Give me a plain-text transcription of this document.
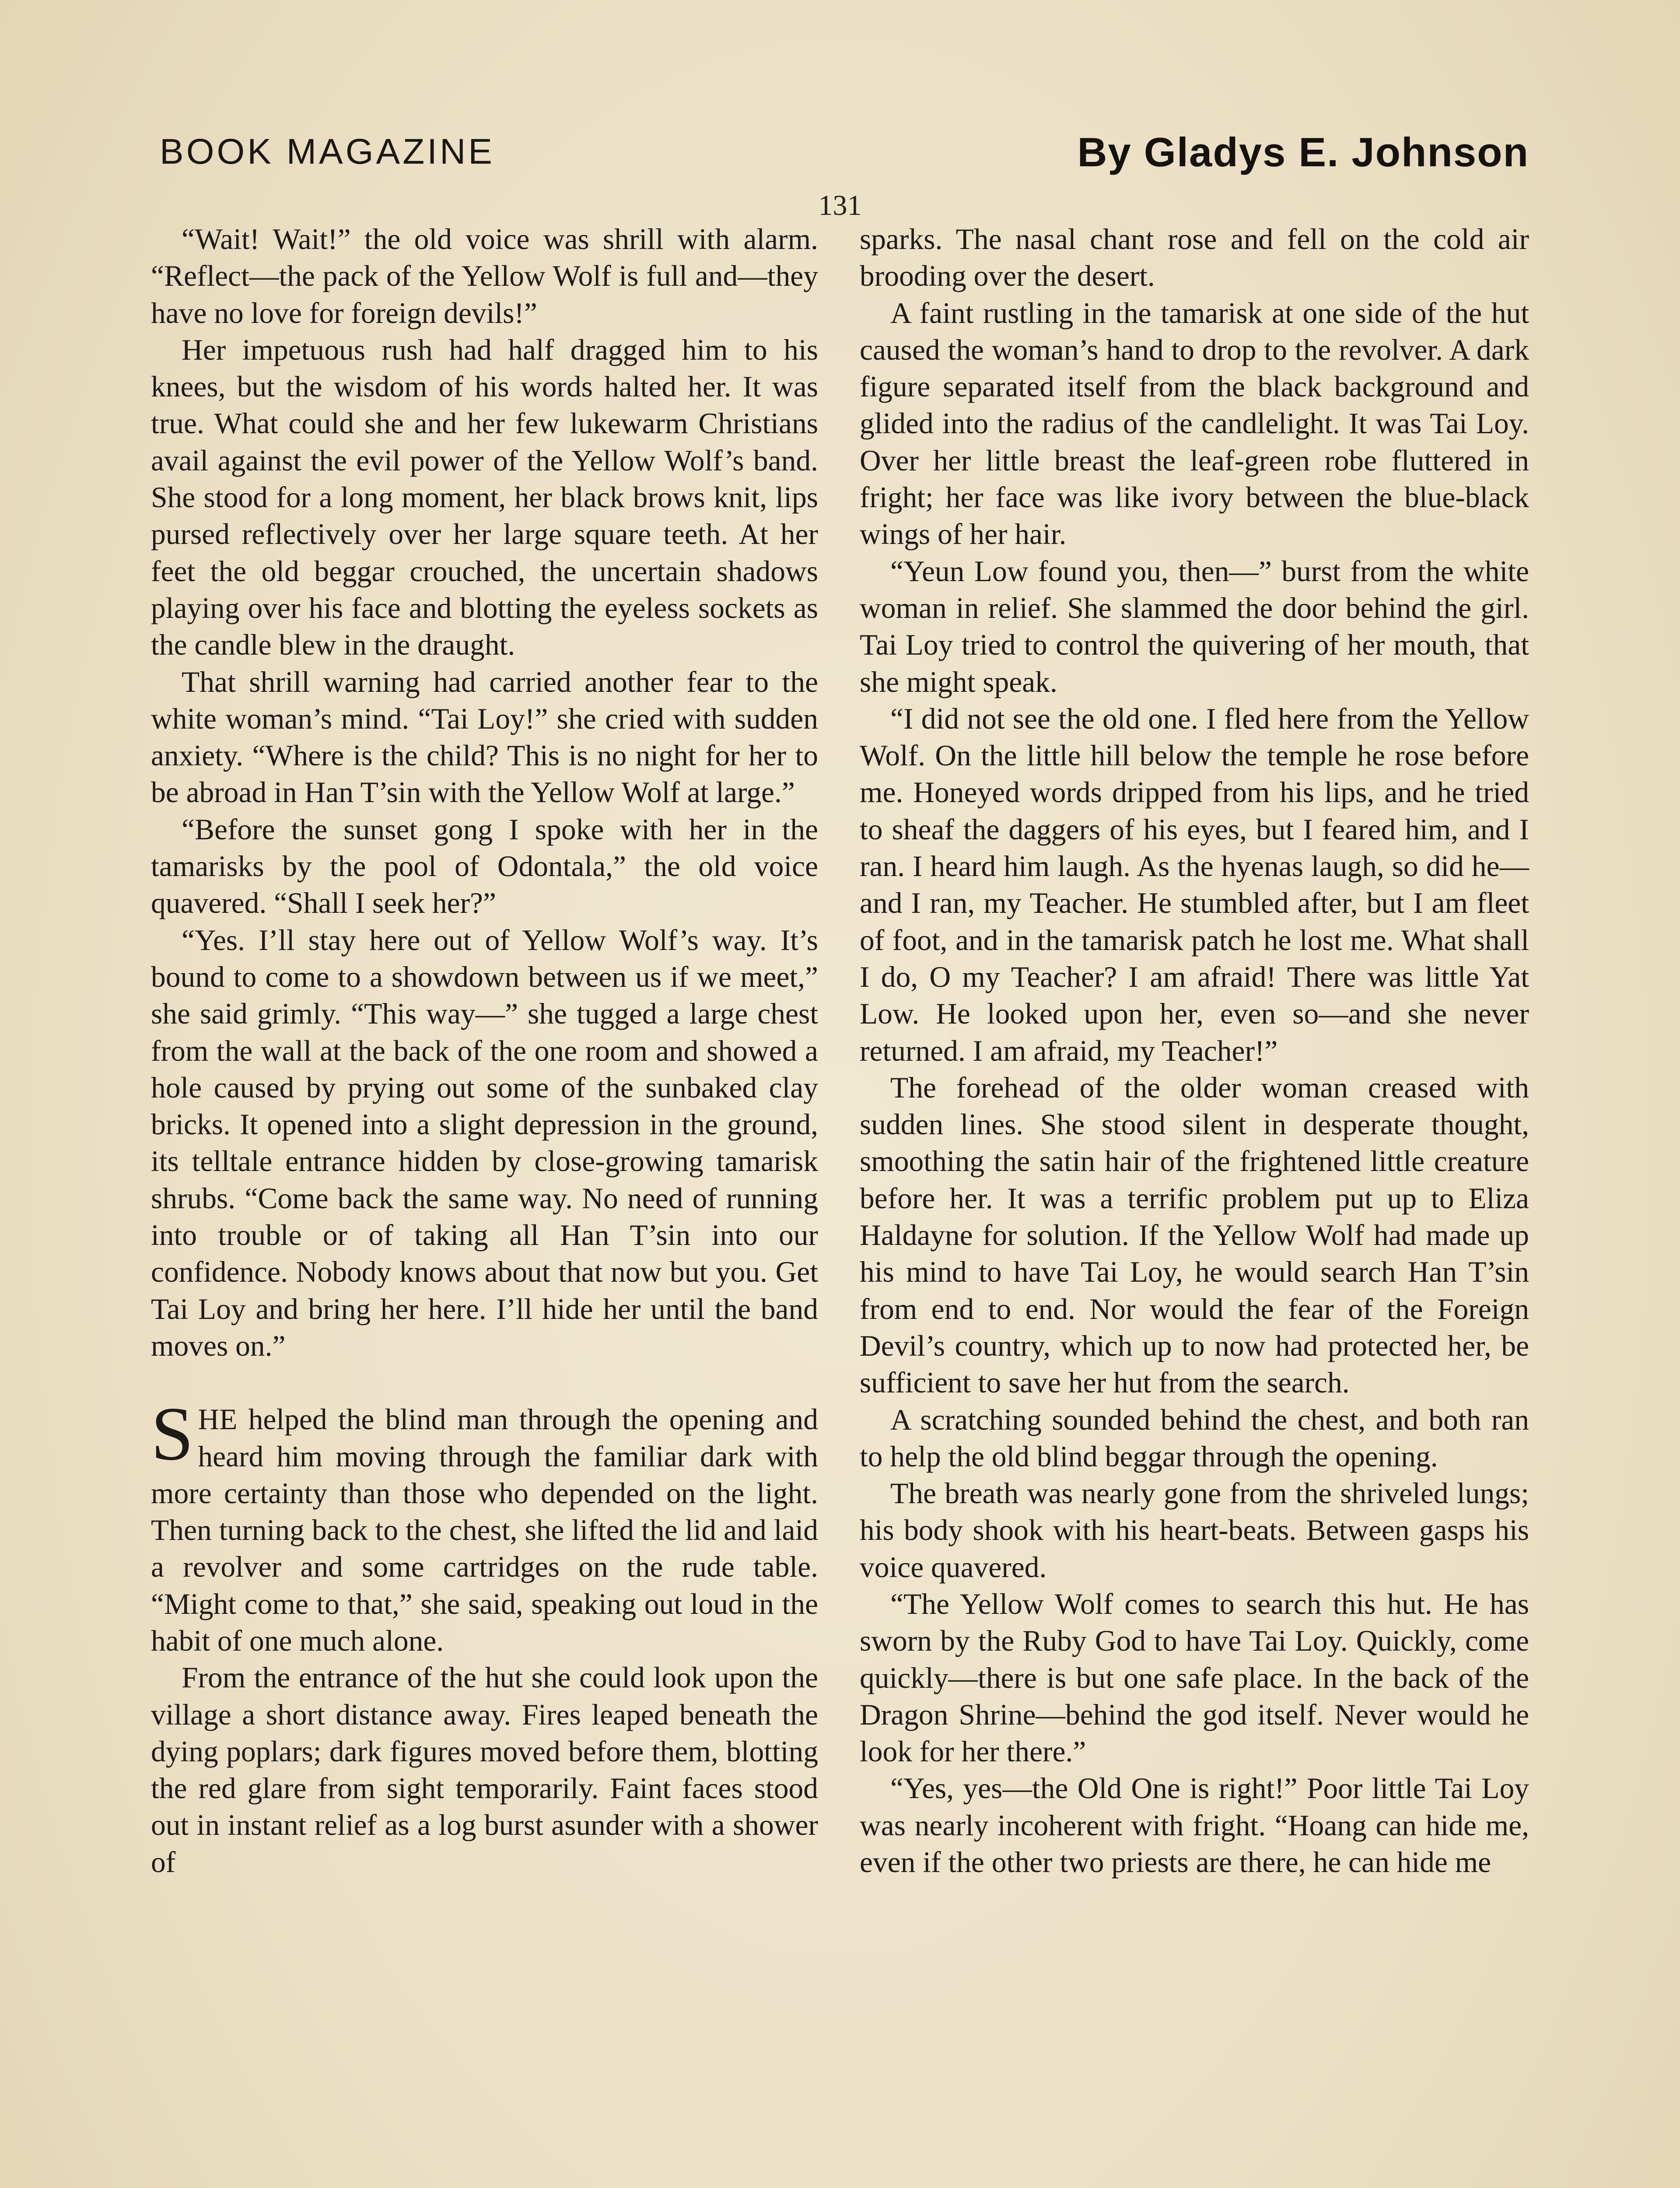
BOOK MAGAZINE	By Gladys E. Johnson
131

“Wait! Wait!” the old voice was shrill with alarm. “Reflect—the pack of the Yellow Wolf is full and—they have no love for foreign devils!”

Her impetuous rush had half dragged him to his knees, but the wisdom of his words halted her. It was true. What could she and her few lukewarm Christians avail against the evil power of the Yellow Wolf’s band. She stood for a long moment, her black brows knit, lips pursed reflectively over her large square teeth. At her feet the old beggar crouched, the uncertain shadows playing over his face and blotting the eyeless sockets as the candle blew in the draught.

That shrill warning had carried another fear to the white woman’s mind. “Tai Loy!” she cried with sudden anxiety. “Where is the child? This is no night for her to be abroad in Han T’sin with the Yellow Wolf at large.”

“Before the sunset gong I spoke with her in the tamarisks by the pool of Odontala,” the old voice quavered. “Shall I seek her?”

“Yes. I’ll stay here out of Yellow Wolf’s way. It’s bound to come to a showdown between us if we meet,” she said grimly. “This way—” she tugged a large chest from the wall at the back of the one room and showed a hole caused by prying out some of the sunbaked clay bricks. It opened into a slight depression in the ground, its telltale entrance hidden by close-growing tamarisk shrubs. “Come back the same way. No need of running into trouble or of taking all Han T’sin into our confidence. Nobody knows about that now but you. Get Tai Loy and bring her here. I’ll hide her until the band moves on.”

SHE helped the blind man through the opening and heard him moving through the familiar dark with more certainty than those who depended on the light. Then turning back to the chest, she lifted the lid and laid a revolver and some cartridges on the rude table. “Might come to that,” she said, speaking out loud in the habit of one much alone.

From the entrance of the hut she could look upon the village a short distance away. Fires leaped beneath the dying poplars; dark figures moved before them, blotting the red glare from sight temporarily. Faint faces stood out in instant relief as a log burst asunder with a shower of

sparks. The nasal chant rose and fell on the cold air brooding over the desert.

A faint rustling in the tamarisk at one side of the hut caused the woman’s hand to drop to the revolver. A dark figure separated itself from the black background and glided into the radius of the candlelight. It was Tai Loy. Over her little breast the leaf-green robe fluttered in fright; her face was like ivory between the blue-black wings of her hair.

“Yeun Low found you, then—” burst from the white woman in relief. She slammed the door behind the girl. Tai Loy tried to control the quivering of her mouth, that she might speak.

“I did not see the old one. I fled here from the Yellow Wolf. On the little hill below the temple he rose before me. Honeyed words dripped from his lips, and he tried to sheaf the daggers of his eyes, but I feared him, and I ran. I heard him laugh. As the hyenas laugh, so did he—and I ran, my Teacher. He stumbled after, but I am fleet of foot, and in the tamarisk patch he lost me. What shall I do, O my Teacher? I am afraid! There was little Yat Low. He looked upon her, even so—and she never returned. I am afraid, my Teacher!”

The forehead of the older woman creased with sudden lines. She stood silent in desperate thought, smoothing the satin hair of the frightened little creature before her. It was a terrific problem put up to Eliza Haldayne for solution. If the Yellow Wolf had made up his mind to have Tai Loy, he would search Han T’sin from end to end. Nor would the fear of the Foreign Devil’s country, which up to now had protected her, be sufficient to save her hut from the search.

A scratching sounded behind the chest, and both ran to help the old blind beggar through the opening.

The breath was nearly gone from the shriveled lungs; his body shook with his heart-beats. Between gasps his voice quavered.

“The Yellow Wolf comes to search this hut. He has sworn by the Ruby God to have Tai Loy. Quickly, come quickly—there is but one safe place. In the back of the Dragon Shrine—behind the god itself. Never would he look for her there.”

“Yes, yes—the Old One is right!” Poor little Tai Loy was nearly incoherent with fright. “Hoang can hide me, even if the other two priests are there, he can hide me
